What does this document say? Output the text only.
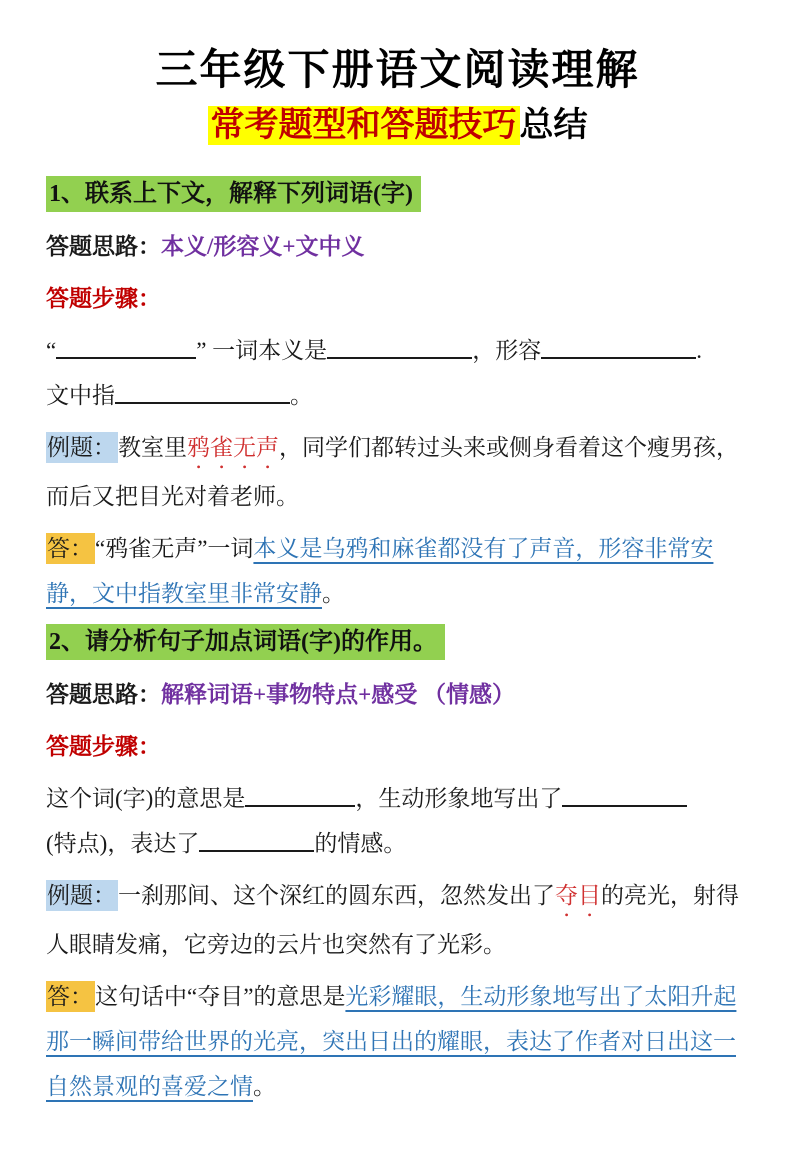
三年级下册语文阅读理解
常考题型和答题技巧总结
1、联系上下文，解释下列词语(字)

答题思路：本义/形容义+文中义

答题步骤：

“	” 一词本义是	，形容	.
文中指	。

例题：教室里鸦雀无声，同学们都转过头来或侧身看着这个瘦男孩，而后又把目光对着老师。

答：“鸦雀无声”一词本义是乌鸦和麻雀都没有了声音，形容非常安静，文中指教室里非常安静。

2、请分析句子加点词语(字)的作用。

答题思路：解释词语+事物特点+感受 （情感）

答题步骤：

这个词(字)的意思是	，生动形象地写出了
(特点)，表达了	的情感。

例题：一刹那间、这个深红的圆东西，忽然发出了夺目的亮光，射得人眼睛发痛，它旁边的云片也突然有了光彩。

答：这句话中“夺目”的意思是光彩耀眼，生动形象地写出了太阳升起那一瞬间带给世界的光亮，突出日出的耀眼，表达了作者对日出这一自然景观的喜爱之情。
